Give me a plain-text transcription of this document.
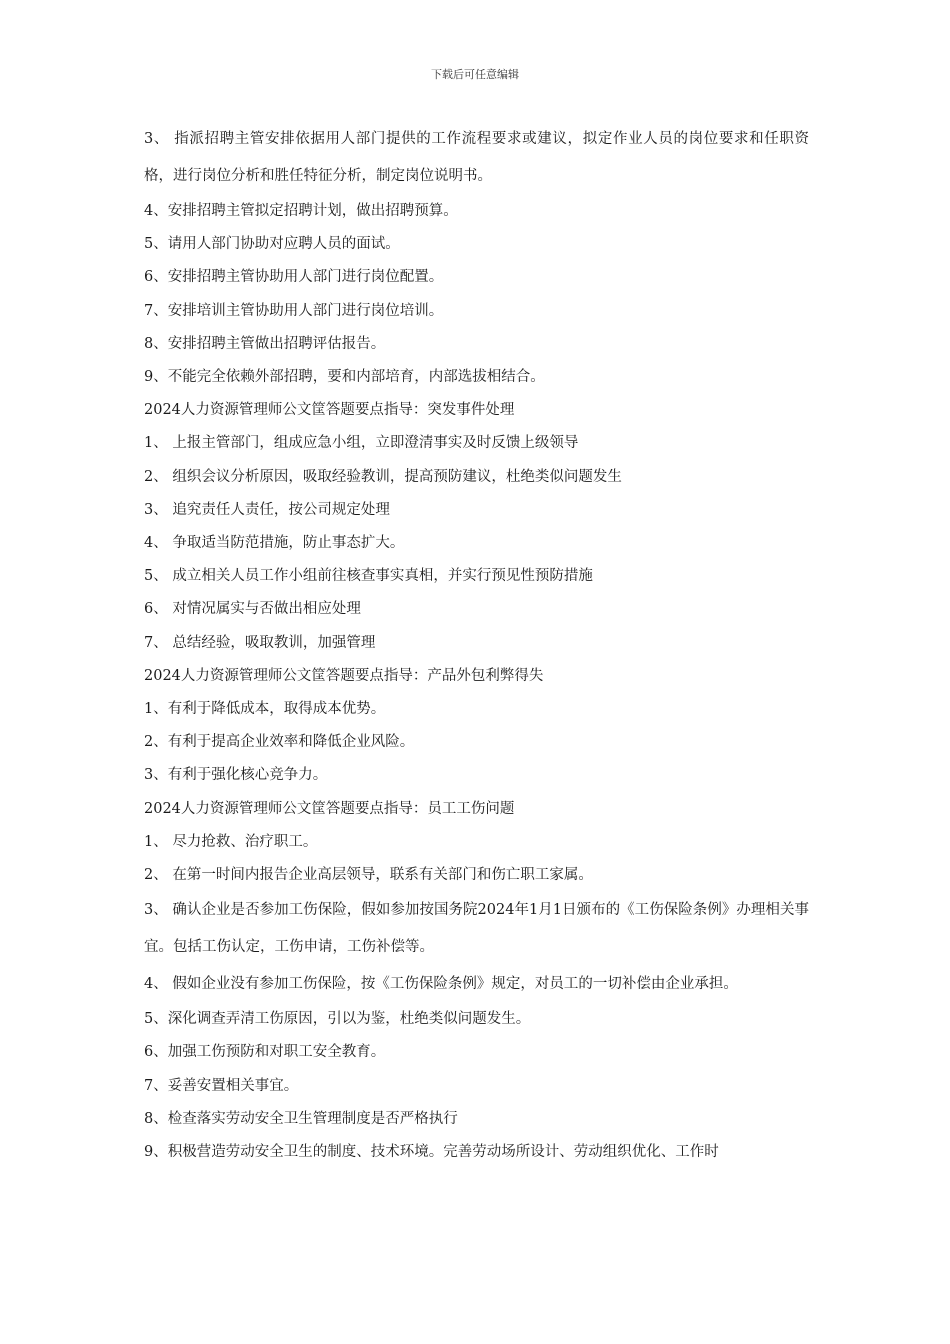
下载后可任意编辑
3、 指派招聘主管安排依据用人部门提供的工作流程要求或建议，拟定作业人员的岗位要求和任职资格，进行岗位分析和胜任特征分析，制定岗位说明书。
4、安排招聘主管拟定招聘计划，做出招聘预算。
5、请用人部门协助对应聘人员的面试。
6、安排招聘主管协助用人部门进行岗位配置。
7、安排培训主管协助用人部门进行岗位培训。
8、安排招聘主管做出招聘评估报告。
9、不能完全依赖外部招聘，要和内部培育，内部选拔相结合。
2024人力资源管理师公文筐答题要点指导：突发事件处理
1、 上报主管部门，组成应急小组，立即澄清事实及时反馈上级领导
2、 组织会议分析原因，吸取经验教训，提高预防建议，杜绝类似问题发生
3、 追究责任人责任，按公司规定处理
4、 争取适当防范措施，防止事态扩大。
5、 成立相关人员工作小组前往核查事实真相，并实行预见性预防措施
6、 对情况属实与否做出相应处理
7、 总结经验，吸取教训，加强管理
2024人力资源管理师公文筐答题要点指导：产品外包利弊得失
1、有利于降低成本，取得成本优势。
2、有利于提高企业效率和降低企业风险。
3、有利于强化核心竞争力。
2024人力资源管理师公文筐答题要点指导：员工工伤问题
1、 尽力抢救、治疗职工。
2、 在第一时间内报告企业高层领导，联系有关部门和伤亡职工家属。
3、 确认企业是否参加工伤保险，假如参加按国务院2024年1月1日颁布的《工伤保险条例》办理相关事宜。包括工伤认定，工伤申请，工伤补偿等。
4、 假如企业没有参加工伤保险，按《工伤保险条例》规定，对员工的一切补偿由企业承担。
5、深化调查弄清工伤原因，引以为鉴，杜绝类似问题发生。
6、加强工伤预防和对职工安全教育。
7、妥善安置相关事宜。
8、检查落实劳动安全卫生管理制度是否严格执行
9、积极营造劳动安全卫生的制度、技术环境。完善劳动场所设计、劳动组织优化、工作时
